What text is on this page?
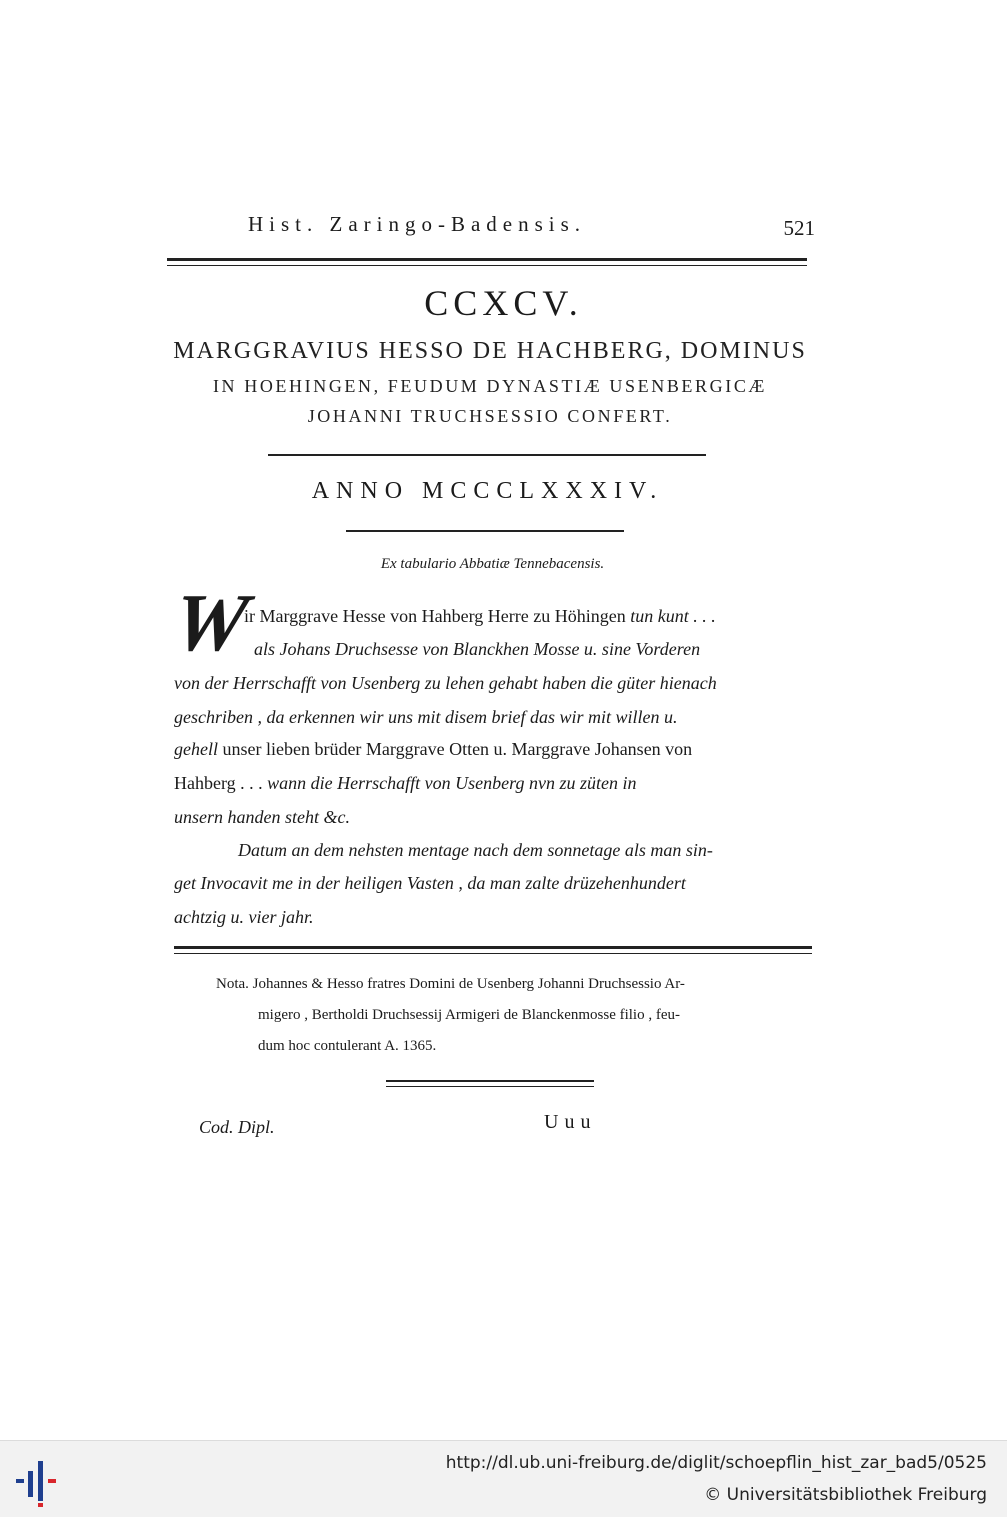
Hist. Zaringo-Badensis.	521
CCXCV.
MARGGRAVIUS HESSO DE HACHBERG, DOMINUS
IN HOEHINGEN, FEUDUM DYNASTIÆ USENBERGICÆ
JOHANNI TRUCHSESSIO CONFERT.
ANNO MCCCLXXXIV.
Ex tabulario Abbatiæ Tennebacensis.
W
ir Marggrave Hesse von Hahberg Herre zu Höhingen tun kunt . . .
als Johans Druchsesse von Blanckhen Mosse u. sine Vorderen
von der Herrschafft von Usenberg zu lehen gehabt haben die güter hienach
geschriben , da erkennen wir uns mit disem brief das wir mit willen u.
gehell unser lieben brüder Marggrave Otten u. Marggrave Johansen von
Hahberg . . . wann die Herrschafft von Usenberg nvn zu züten in
unsern handen steht &c.
Datum an dem nehsten mentage nach dem sonnetage als man sin-
get Invocavit me in der heiligen Vasten , da man zalte drüzehenhundert
achtzig u. vier jahr.
Nota. Johannes & Hesso fratres Domini de Usenberg Johanni Druchsessio Ar-
migero , Bertholdi Druchsessij Armigeri de Blanckenmosse filio , feu-
dum hoc contulerant A. 1365.
Cod. Dipl.	Uuu
http://dl.ub.uni-freiburg.de/diglit/schoepflin_hist_zar_bad5/0525
© Universitätsbibliothek Freiburg
